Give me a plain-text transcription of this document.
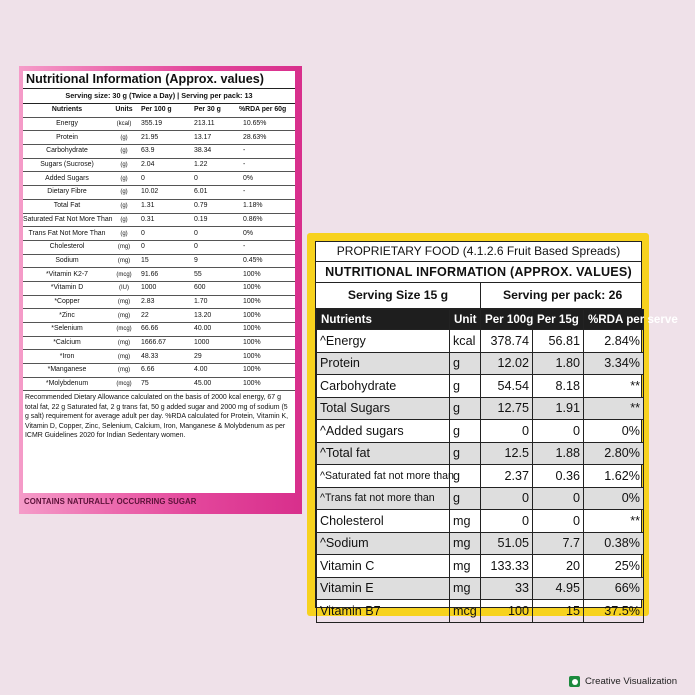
Nutritional Information (Approx. values)
Serving size: 30 g (Twice a Day) | Serving per pack: 13
Nutrients	Units	Per 100 g	Per 30 g	%RDA per 60g
Energy	(kcal)	355.19	213.11	10.65%
Protein	(g)	21.95	13.17	28.63%
Carbohydrate	(g)	63.9	38.34	-
Sugars (Sucrose)	(g)	2.04	1.22	-
Added Sugars	(g)	0	0	0%
Dietary Fibre	(g)	10.02	6.01	-
Total Fat	(g)	1.31	0.79	1.18%
Saturated Fat Not More Than	(g)	0.31	0.19	0.86%
Trans Fat Not More Than	(g)	0	0	0%
Cholesterol	(mg)	0	0	-
Sodium	(mg)	15	9	0.45%
*Vitamin K2-7	(mcg)	91.66	55	100%
*Vitamin D	(IU)	1000	600	100%
*Copper	(mg)	2.83	1.70	100%
*Zinc	(mg)	22	13.20	100%
*Selenium	(mcg)	66.66	40.00	100%
*Calcium	(mg)	1666.67	1000	100%
*Iron	(mg)	48.33	29	100%
*Manganese	(mg)	6.66	4.00	100%
*Molybdenum	(mcg)	75	45.00	100%
Recommended Dietary Allowance calculated on the basis of 2000 kcal energy, 67 g total fat, 22 g Saturated fat, 2 g trans fat, 50 g added sugar and 2000 mg of sodium (5 g salt) requirement for average adult per day. %RDA calculated for Protein, Vitamin K, Vitamin D, Copper, Zinc, Selenium, Calcium, Iron, Manganese & Molybdenum as per ICMR Guidelines 2020 for Indian Sedentary women.
CONTAINS NATURALLY OCCURRING SUGAR
PROPRIETARY FOOD (4.1.2.6 Fruit Based Spreads)
NUTRITIONAL INFORMATION (APPROX. VALUES)
Serving Size 15 g	Serving per pack: 26
Nutrients	Unit	Per 100g	Per 15g	%RDA per serve
^Energy	kcal	378.74	56.81	2.84%
Protein	g	12.02	1.80	3.34%
Carbohydrate	g	54.54	8.18	**
Total Sugars	g	12.75	1.91	**
^Added sugars	g	0	0	0%
^Total fat	g	12.5	1.88	2.80%
^Saturated fat not more than	g	2.37	0.36	1.62%
^Trans fat not more than	g	0	0	0%
Cholesterol	mg	0	0	**
^Sodium	mg	51.05	7.7	0.38%
Vitamin C	mg	133.33	20	25%
Vitamin E	mg	33	4.95	66%
Vitamin B7	mcg	100	15	37.5%
Creative Visualization
